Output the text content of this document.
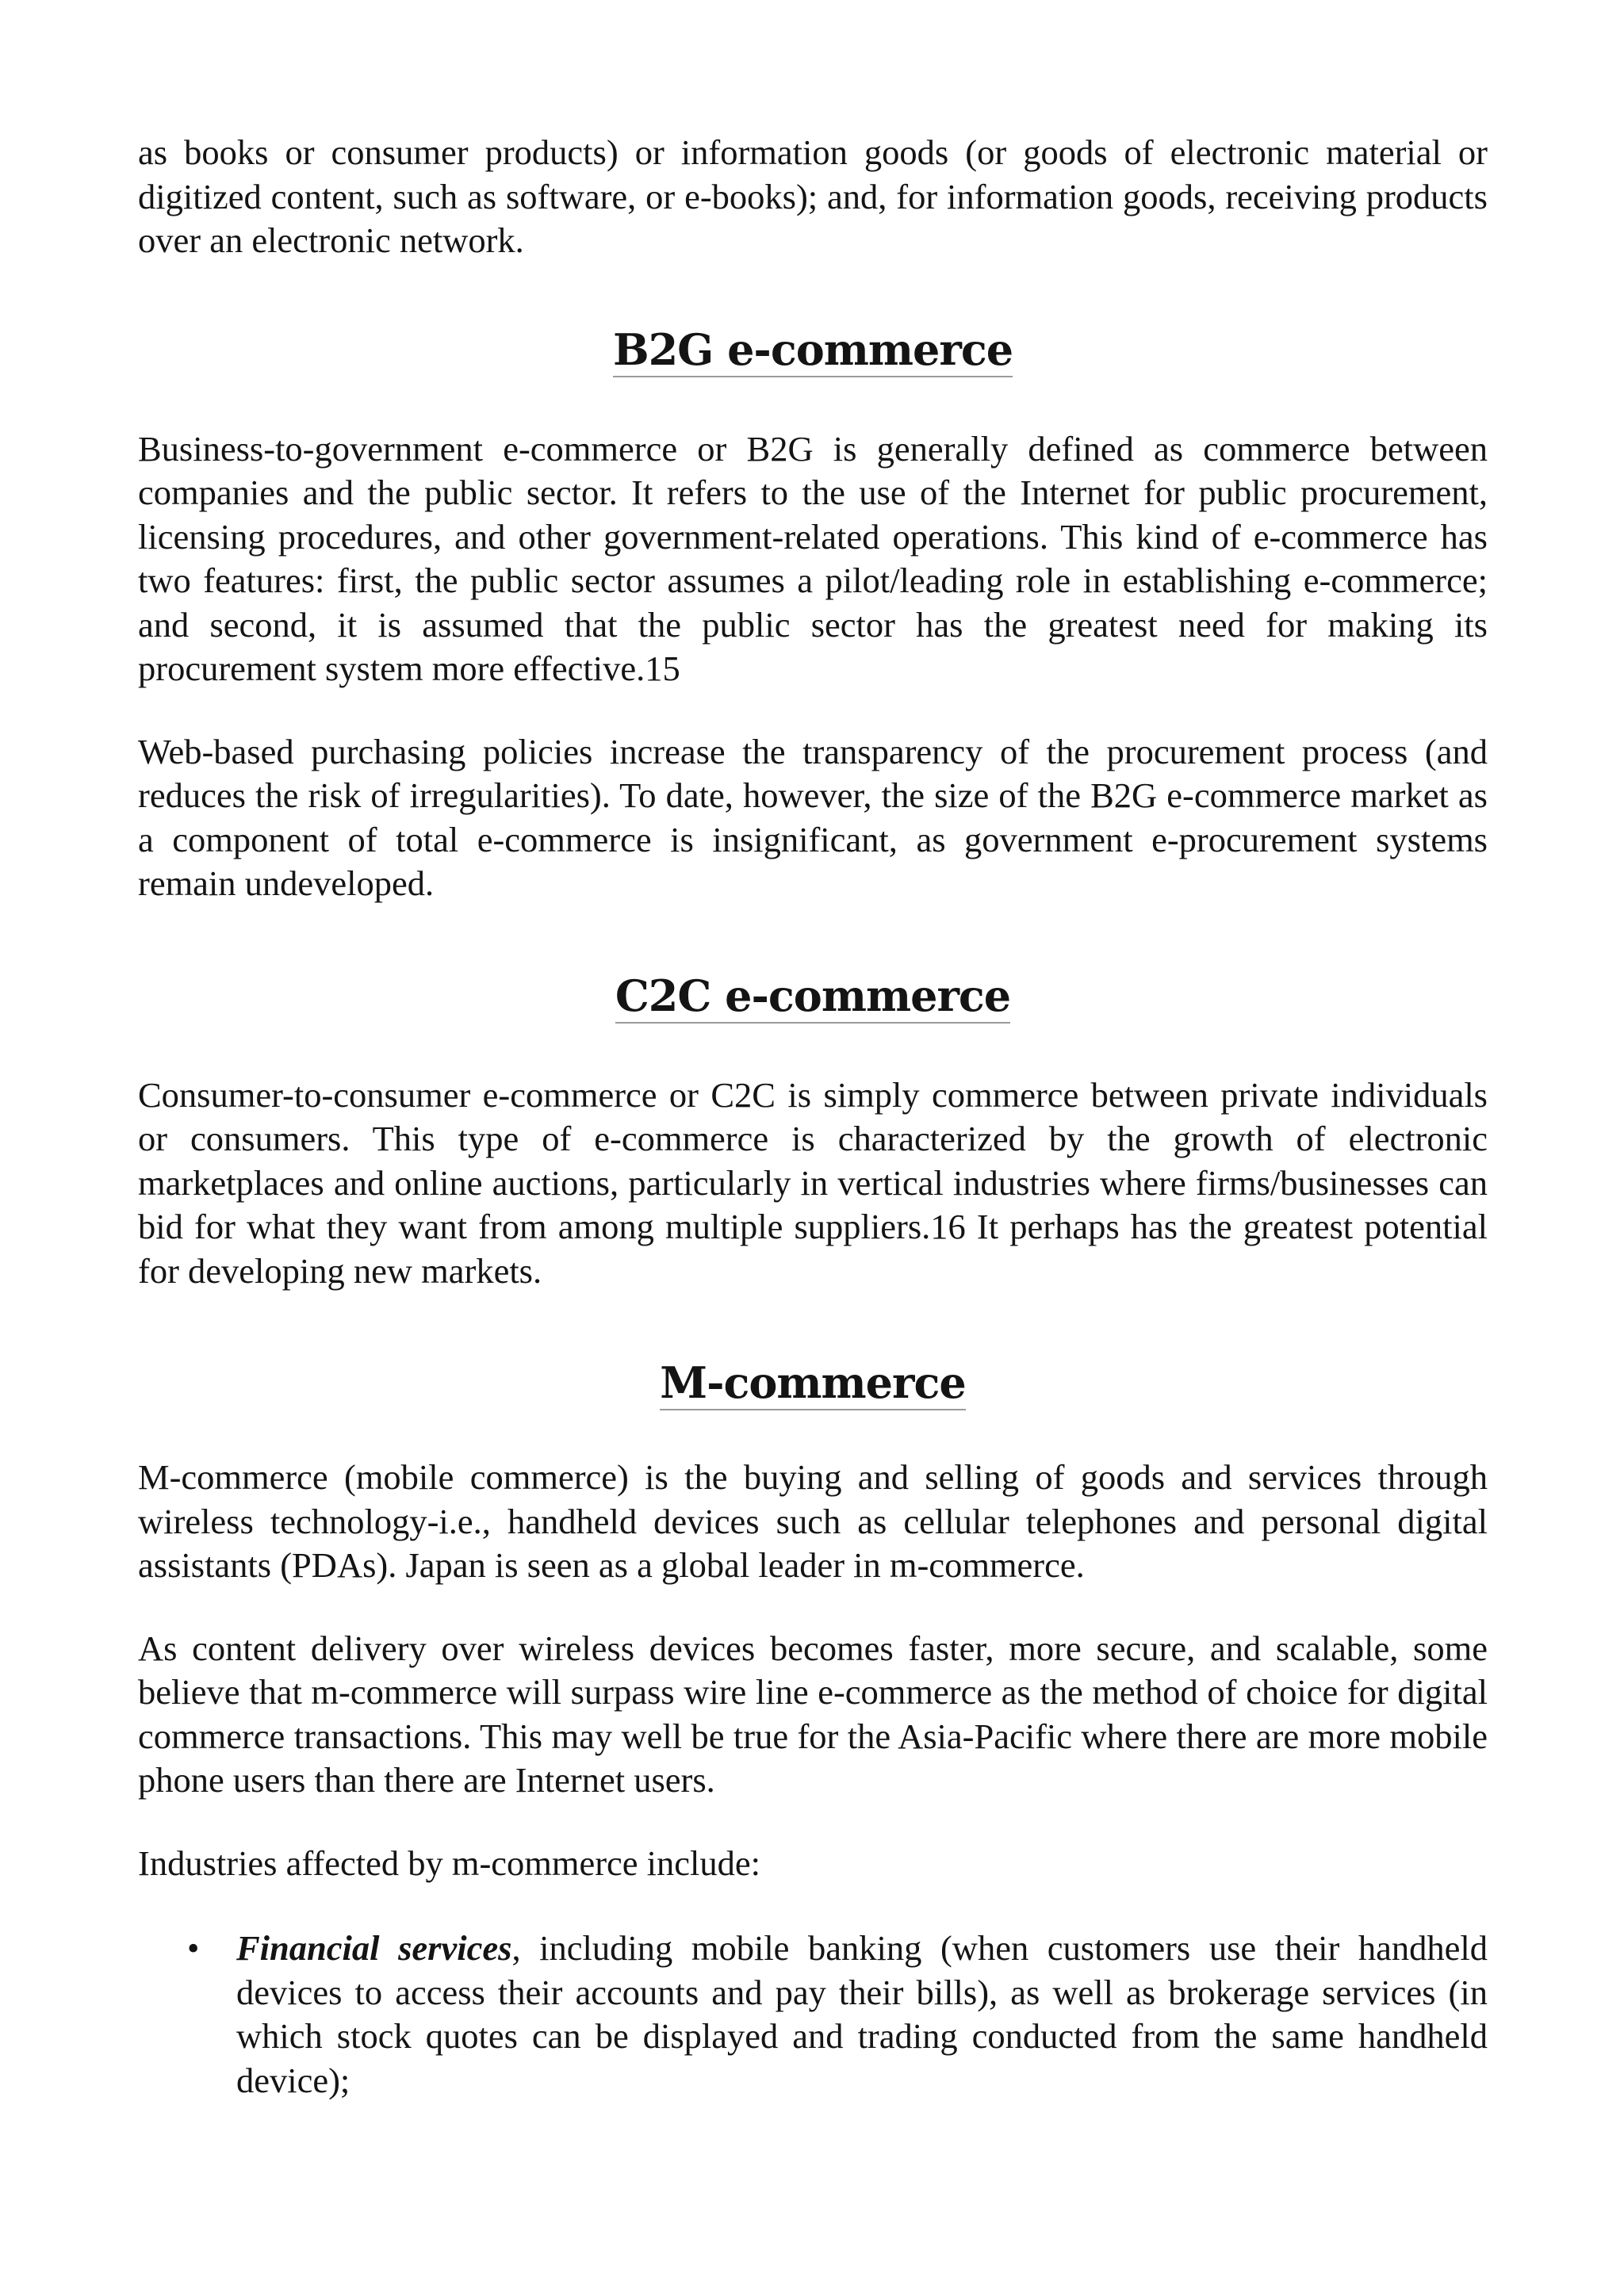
as books or consumer products) or information goods (or goods of electronic material or digitized content, such as software, or e-books); and, for information goods, receiving products over an electronic network.

B2G e-commerce

Business-to-government e-commerce or B2G is generally defined as commerce between companies and the public sector. It refers to the use of the Internet for public procurement, licensing procedures, and other government-related operations. This kind of e-commerce has two features: first, the public sector assumes a pilot/leading role in establishing e-commerce; and second, it is assumed that the public sector has the greatest need for making its procurement system more effective.15

Web-based purchasing policies increase the transparency of the procurement process (and reduces the risk of irregularities). To date, however, the size of the B2G e-commerce market as a component of total e-commerce is insignificant, as government e-procurement systems remain undeveloped.

C2C e-commerce

Consumer-to-consumer e-commerce or C2C is simply commerce between private individuals or consumers. This type of e-commerce is characterized by the growth of electronic marketplaces and online auctions, particularly in vertical industries where firms/businesses can bid for what they want from among multiple suppliers.16 It perhaps has the greatest potential for developing new markets.

M-commerce

M-commerce (mobile commerce) is the buying and selling of goods and services through wireless technology-i.e., handheld devices such as cellular telephones and personal digital assistants (PDAs). Japan is seen as a global leader in m-commerce.

As content delivery over wireless devices becomes faster, more secure, and scalable, some believe that m-commerce will surpass wire line e-commerce as the method of choice for digital commerce transactions. This may well be true for the Asia-Pacific where there are more mobile phone users than there are Internet users.

Industries affected by m-commerce include:

• Financial services, including mobile banking (when customers use their handheld devices to access their accounts and pay their bills), as well as brokerage services (in which stock quotes can be displayed and trading conducted from the same handheld device);
